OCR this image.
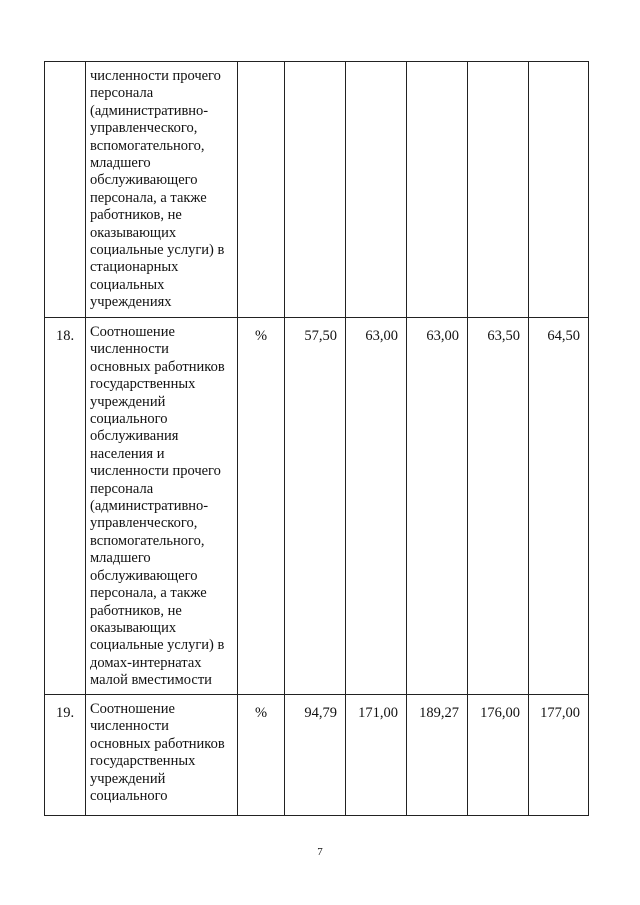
	численности прочего персонала (административно-управленческого, вспомогательного, младшего обслуживающего персонала, а также работников, не оказывающих социальные услуги) в стационарных социальных учреждениях						
18.	Соотношение численности основных работников государственных учреждений социального обслуживания населения и численности прочего персонала (административно-управленческого, вспомогательного, младшего обслуживающего персонала, а также работников, не оказывающих социальные услуги) в домах-интернатах малой вместимости	%	57,50	63,00	63,00	63,50	64,50
19.	Соотношение численности основных работников государственных учреждений социального	%	94,79	171,00	189,27	176,00	177,00
7
